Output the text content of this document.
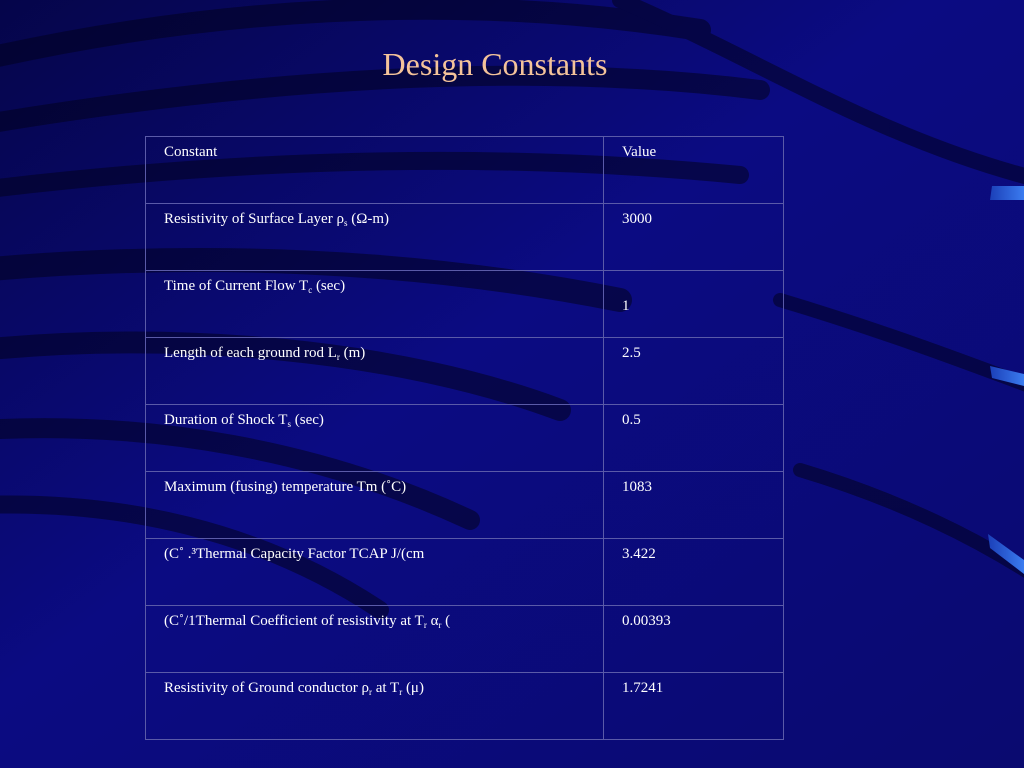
Design Constants
Constant	Value
Resistivity of Surface Layer $\rho_s$ (Ω-m)	3000
Time of Current Flow $T_c$ (sec)	1
Length of each ground rod $L_r$ (m)	2.5
Duration of Shock $T_s$ (sec)	0.5
Maximum (fusing) temperature Tm (˚C)	1083
(C˚ .³Thermal Capacity Factor TCAP J/(cm	3.422
(C˚/1Thermal Coefficient of resistivity at $T_r$ $\alpha_r$ (	0.00393
Resistivity of Ground conductor $\rho_r$ at $T_r$ (μ)	1.7241
